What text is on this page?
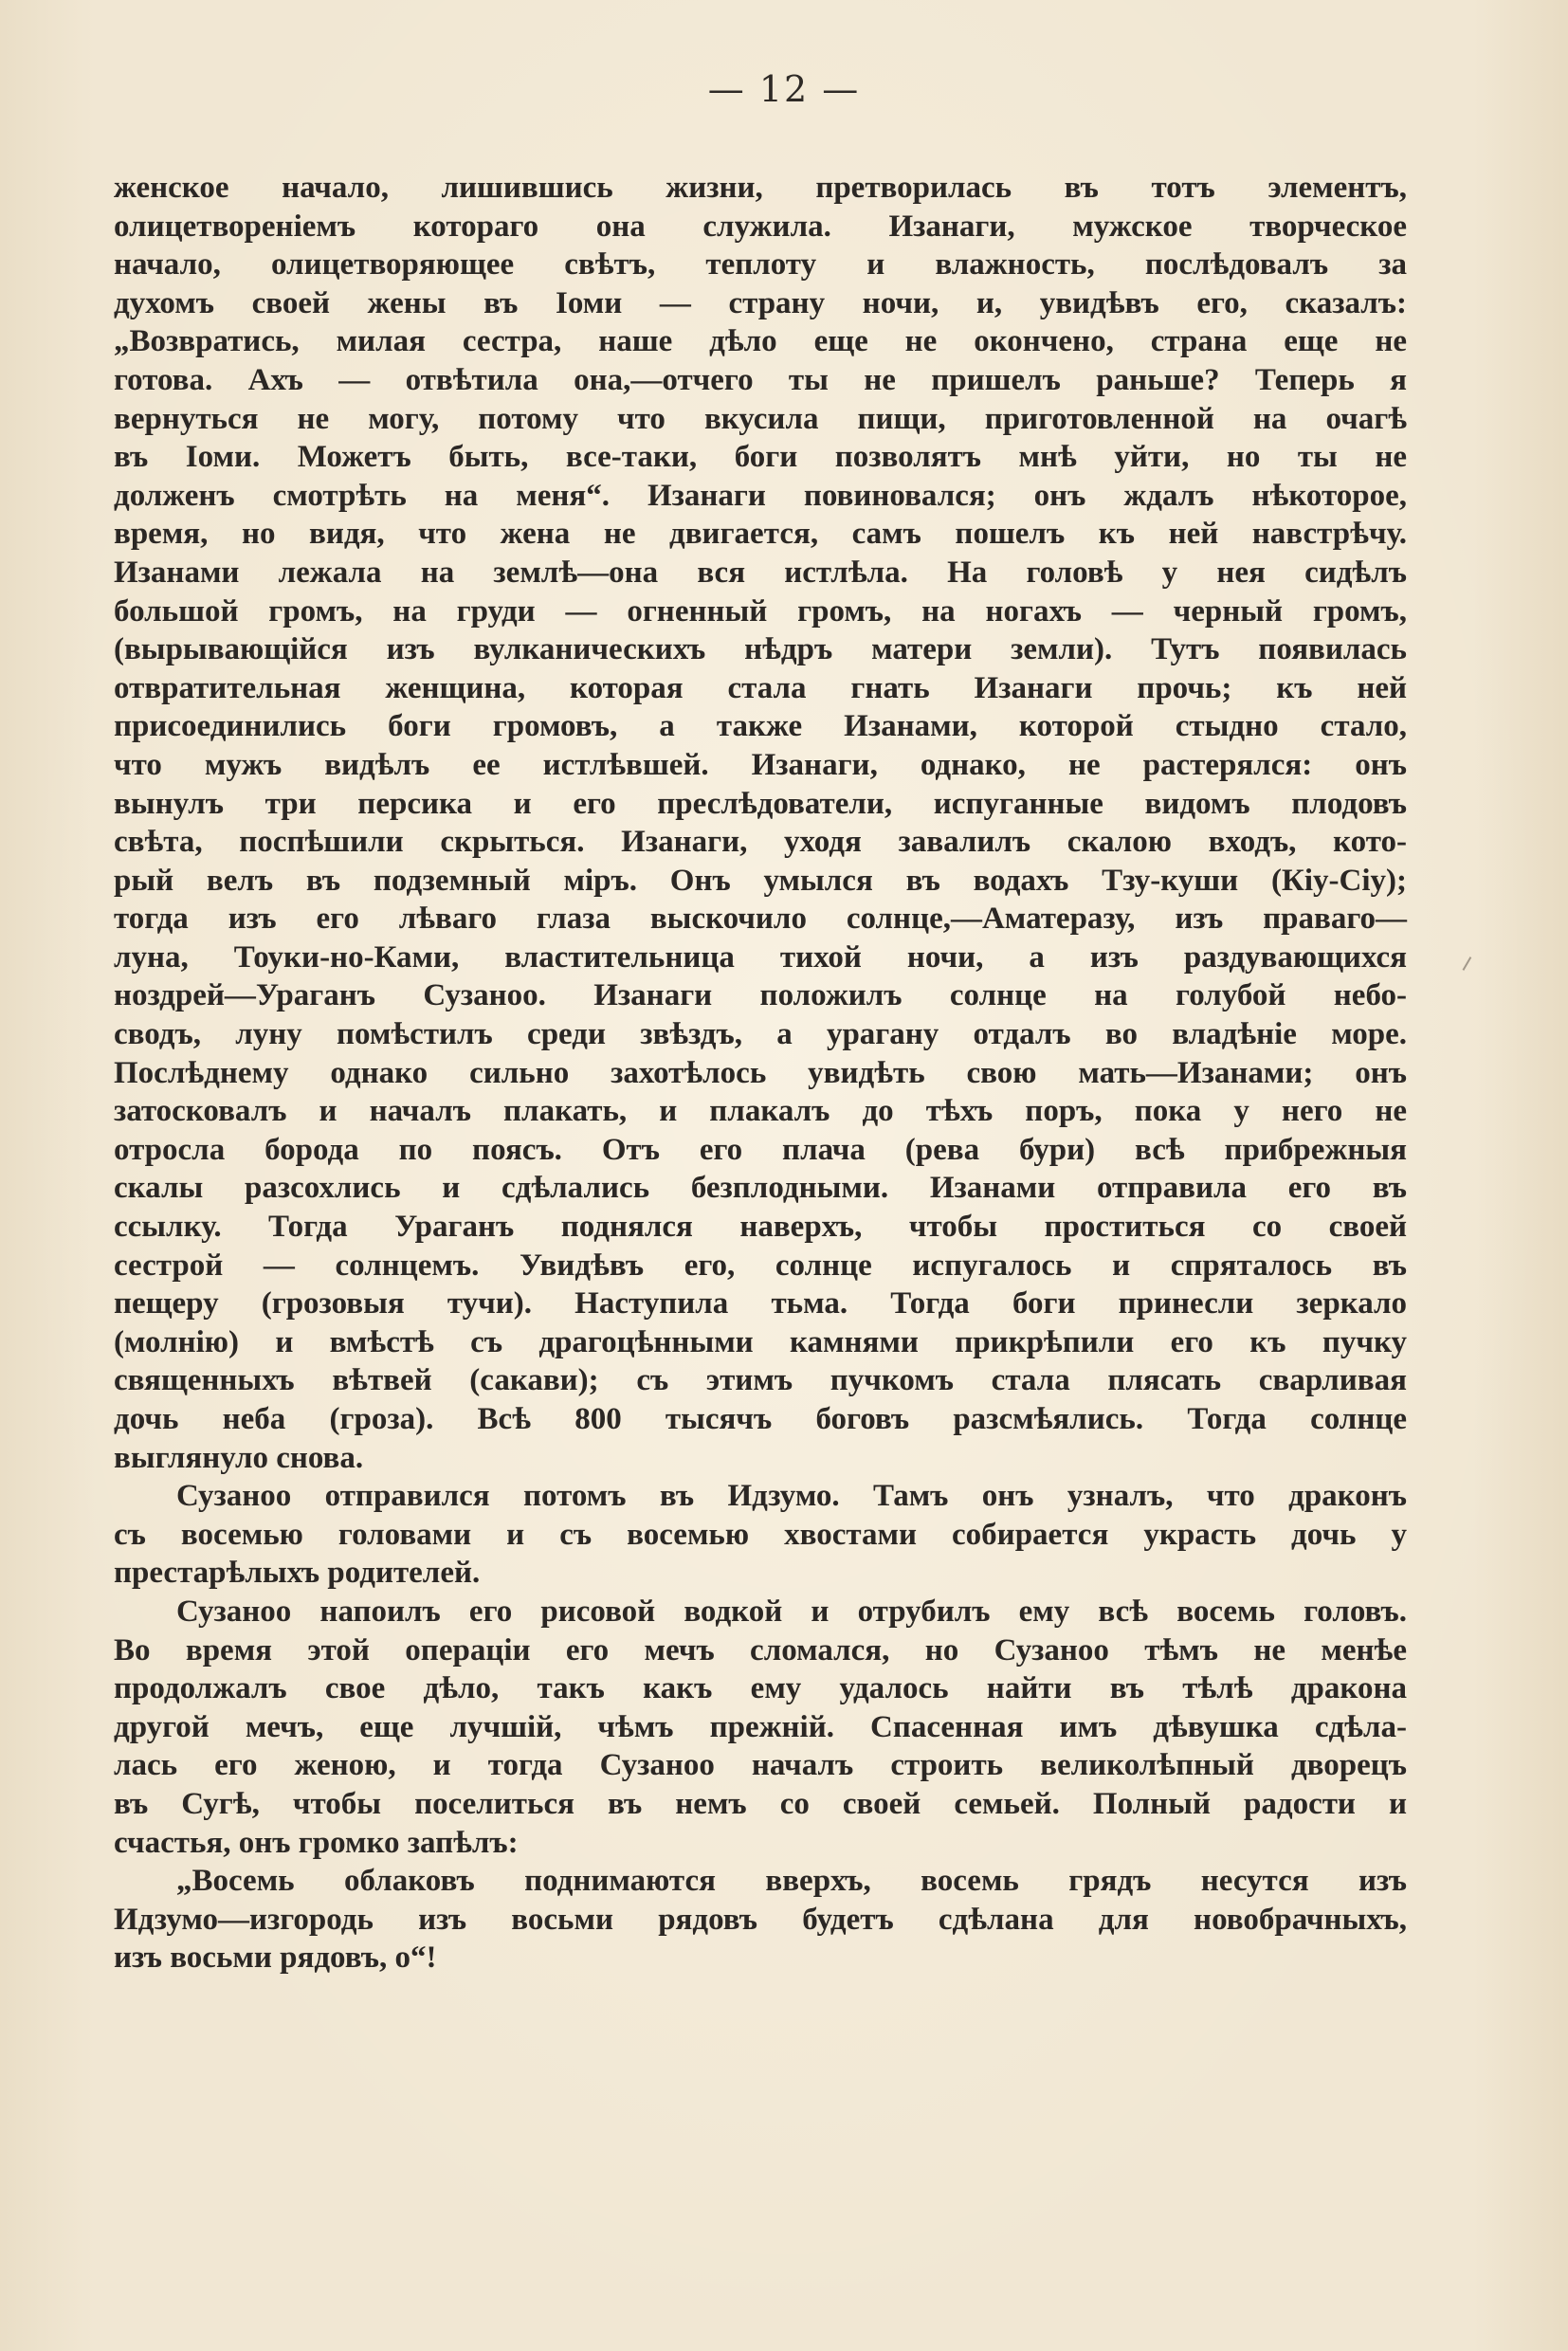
— 12 —
женское начало, лишившись жизни, претворилась въ тотъ элементъ,
олицетвореніемъ котораго она служила. Изанаги, мужское творческое
начало, олицетворяющее свѣтъ, теплоту и влажность, послѣдовалъ за
духомъ своей жены въ Іоми — страну ночи, и, увидѣвъ его, сказалъ:
„Возвратись, милая сестра, наше дѣло еще не окончено, страна еще не
готова. Ахъ — отвѣтила она,—отчего ты не пришелъ раньше? Теперь я
вернуться не могу, потому что вкусила пищи, приготовленной на очагѣ
въ Іоми. Можетъ быть, все-таки, боги позволятъ мнѣ уйти, но ты не
долженъ смотрѣть на меня“. Изанаги повиновался; онъ ждалъ нѣкоторое,
время, но видя, что жена не двигается, самъ пошелъ къ ней навстрѣчу.
Изанами лежала на землѣ—она вся истлѣла. На головѣ у нея сидѣлъ
большой громъ, на груди — огненный громъ, на ногахъ — черный громъ,
(вырывающійся изъ вулканическихъ нѣдръ матери земли). Тутъ появилась
отвратительная женщина, которая стала гнать Изанаги прочь; къ ней
присоединились боги громовъ, а также Изанами, которой стыдно стало,
что мужъ видѣлъ ее истлѣвшей. Изанаги, однако, не растерялся: онъ
вынулъ три персика и его преслѣдователи, испуганные видомъ плодовъ
свѣта, поспѣшили скрыться. Изанаги, уходя завалилъ скалою входъ, кото-
рый велъ въ подземный міръ. Онъ умылся въ водахъ Тзу-куши (Кіу-Сіу);
тогда изъ его лѣваго глаза выскочило солнце,—Аматеразу, изъ праваго—
луна, Тоуки-но-Ками, властительница тихой ночи, а изъ раздувающихся
ноздрей—Ураганъ Сузаноо. Изанаги положилъ солнце на голубой небо-
сводъ, луну помѣстилъ среди звѣздъ, а урагану отдалъ во владѣніе море.
Послѣднему однако сильно захотѣлось увидѣть свою мать—Изанами; онъ
затосковалъ и началъ плакать, и плакалъ до тѣхъ поръ, пока у него не
отросла борода по поясъ. Отъ его плача (рева бури) всѣ прибрежныя
скалы разсохлись и сдѣлались безплодными. Изанами отправила его въ
ссылку. Тогда Ураганъ поднялся наверхъ, чтобы проститься со своей
сестрой — солнцемъ. Увидѣвъ его, солнце испугалось и спряталось въ
пещеру (грозовыя тучи). Наступила тьма. Тогда боги принесли зеркало
(молнію) и вмѣстѣ съ драгоцѣнными камнями прикрѣпили его къ пучку
священныхъ вѣтвей (сакави); съ этимъ пучкомъ стала плясать сварливая
дочь неба (гроза). Всѣ 800 тысячъ боговъ разсмѣялись. Тогда солнце
выглянуло снова.
Сузаноо отправился потомъ въ Идзумо. Тамъ онъ узналъ, что драконъ
съ восемью головами и съ восемью хвостами собирается украсть дочь у
престарѣлыхъ родителей.
Сузаноо напоилъ его рисовой водкой и отрубилъ ему всѣ восемь головъ.
Во время этой операціи его мечъ сломался, но Сузаноо тѣмъ не менѣе
продолжалъ свое дѣло, такъ какъ ему удалось найти въ тѣлѣ дракона
другой мечъ, еще лучшій, чѣмъ прежній. Спасенная имъ дѣвушка сдѣла-
лась его женою, и тогда Сузаноо началъ строить великолѣпный дворецъ
въ Сугѣ, чтобы поселиться въ немъ со своей семьей. Полный радости и
счастья, онъ громко запѣлъ:
„Восемь облаковъ поднимаются вверхъ, восемь грядъ несутся изъ
Идзумо—изгородь изъ восьми рядовъ будетъ сдѣлана для новобрачныхъ,
изъ восьми рядовъ, о“!
